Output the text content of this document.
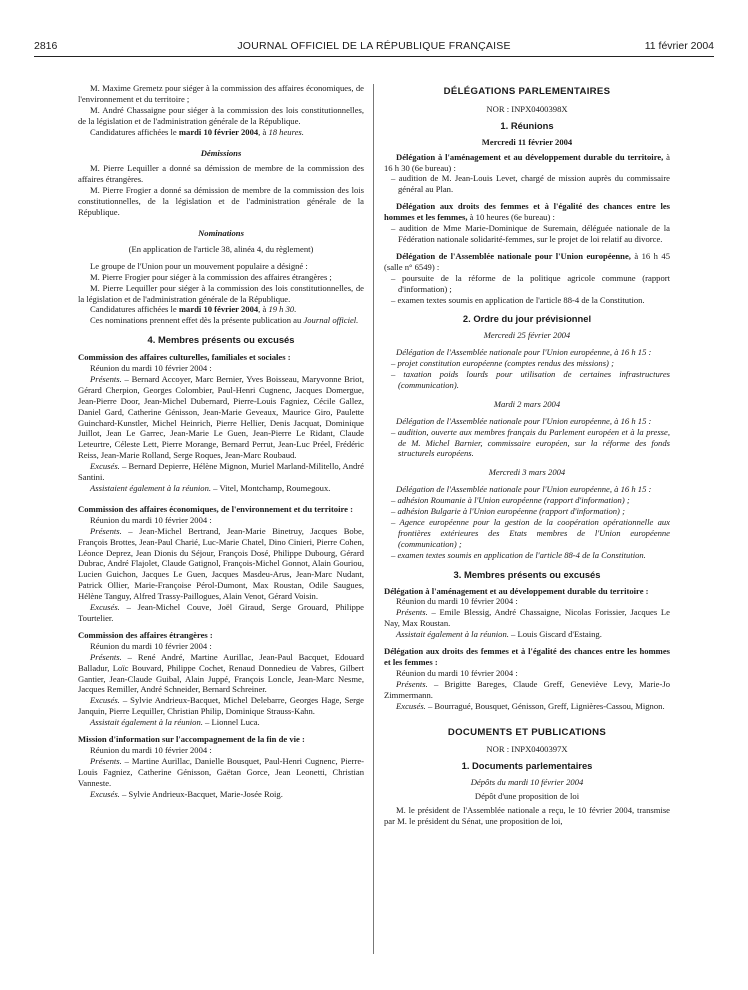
2816	JOURNAL OFFICIEL DE LA RÉPUBLIQUE FRANÇAISE	11 février 2004

M. Maxime Gremetz pour siéger à la commission des affaires économiques, de l'environnement et du territoire ;

M. André Chassaigne pour siéger à la commission des lois constitutionnelles, de la législation et de l'administration générale de la République.

Candidatures affichées le mardi 10 février 2004, à 18 heures.

Démissions

M. Pierre Lequiller a donné sa démission de membre de la commission des affaires étrangères.

M. Pierre Frogier a donné sa démission de membre de la commission des lois constitutionnelles, de la législation et de l'administration générale de la République.

Nominations

(En application de l'article 38, alinéa 4, du règlement)

Le groupe de l'Union pour un mouvement populaire a désigné :

M. Pierre Frogier pour siéger à la commission des affaires étrangères ;

M. Pierre Lequiller pour siéger à la commission des lois constitutionnelles, de la législation et de l'administration générale de la République.

Candidatures affichées le mardi 10 février 2004, à 19 h 30.

Ces nominations prennent effet dès la présente publication au Journal officiel.

4. Membres présents ou excusés

Commission des affaires culturelles, familiales et sociales :

Réunion du mardi 10 février 2004 :

Présents. – Bernard Accoyer, Marc Bernier, Yves Boisseau, Maryvonne Briot, Gérard Cherpion, Georges Colombier, Paul-Henri Cugnenc, Jacques Domergue, Jean-Pierre Door, Jean-Michel Dubernard, Pierre-Louis Fagniez, Cécile Gallez, Daniel Gard, Catherine Génisson, Jean-Marie Geveaux, Maurice Giro, Paulette Guinchard-Kunstler, Michel Heinrich, Pierre Hellier, Denis Jacquat, Dominique Juillot, Jean Le Garrec, Jean-Marie Le Guen, Jean-Pierre Le Ridant, Claude Leteurtre, Céleste Lett, Pierre Morange, Bernard Perrut, Jean-Luc Préel, Frédéric Reiss, Jean-Marie Rolland, Serge Roques, Jean-Marc Roubaud.

Excusés. – Bernard Depierre, Hélène Mignon, Muriel Marland-Militello, André Santini.

Assistaient également à la réunion. – Vitel, Montchamp, Roumegoux.

Commission des affaires économiques, de l'environnement et du territoire :

Réunion du mardi 10 février 2004 :

Présents. – Jean-Michel Bertrand, Jean-Marie Binetruy, Jacques Bobe, François Brottes, Jean-Paul Charié, Luc-Marie Chatel, Dino Cinieri, Pierre Cohen, Léonce Deprez, Jean Dionis du Séjour, François Dosé, Philippe Dubourg, Gérard Dubrac, André Flajolet, Claude Gatignol, François-Michel Gonnot, Alain Gouriou, Lucien Guichon, Jacques Le Guen, Jacques Masdeu-Arus, Jean-Marc Nudant, Patrick Ollier, Marie-Françoise Pérol-Dumont, Max Roustan, Odile Saugues, Hélène Tanguy, Alfred Trassy-Paillogues, Alain Venot, Gérard Voisin.

Excusés. – Jean-Michel Couve, Joël Giraud, Serge Grouard, Philippe Tourtelier.

Commission des affaires étrangères :

Réunion du mardi 10 février 2004 :

Présents. – René André, Martine Aurillac, Jean-Paul Bacquet, Edouard Balladur, Loïc Bouvard, Philippe Cochet, Renaud Donnedieu de Vabres, Gilbert Gantier, Jean-Claude Guibal, Alain Juppé, François Loncle, Jean-Marc Nesme, Jacques Remiller, André Schneider, Bernard Schreiner.

Excusés. – Sylvie Andrieux-Bacquet, Michel Delebarre, Georges Hage, Serge Janquin, Pierre Lequiller, Christian Philip, Dominique Strauss-Kahn.

Assistait également à la réunion. – Lionnel Luca.

Mission d'information sur l'accompagnement de la fin de vie :

Réunion du mardi 10 février 2004 :

Présents. – Martine Aurillac, Danielle Bousquet, Paul-Henri Cugnenc, Pierre-Louis Fagniez, Catherine Génisson, Gaëtan Gorce, Jean Leonetti, Christian Vanneste.

Excusés. – Sylvie Andrieux-Bacquet, Marie-Josée Roig.

DÉLÉGATIONS PARLEMENTAIRES

NOR : INPX0400398X

1. Réunions

Mercredi 11 février 2004

Délégation à l'aménagement et au développement durable du territoire, à 16 h 30 (6e bureau) :

– audition de M. Jean-Louis Levet, chargé de mission auprès du commissaire général au Plan.

Délégation aux droits des femmes et à l'égalité des chances entre les hommes et les femmes, à 10 heures (6e bureau) :

– audition de Mme Marie-Dominique de Suremain, déléguée nationale de la Fédération nationale solidarité-femmes, sur le projet de loi relatif au divorce.

Délégation de l'Assemblée nationale pour l'Union européenne, à 16 h 45 (salle n° 6549) :

– poursuite de la réforme de la politique agricole commune (rapport d'information) ;

– examen textes soumis en application de l'article 88-4 de la Constitution.

2. Ordre du jour prévisionnel

Mercredi 25 février 2004

Délégation de l'Assemblée nationale pour l'Union européenne, à 16 h 15 :

– projet constitution européenne (comptes rendus des missions) ;

– taxation poids lourds pour utilisation de certaines infrastructures (communication).

Mardi 2 mars 2004

Délégation de l'Assemblée nationale pour l'Union européenne, à 16 h 15 :

– audition, ouverte aux membres français du Parlement européen et à la presse, de M. Michel Barnier, commissaire européen, sur la réforme des fonds structurels européens.

Mercredi 3 mars 2004

Délégation de l'Assemblée nationale pour l'Union européenne, à 16 h 15 :

– adhésion Roumanie à l'Union européenne (rapport d'information) ;

– adhésion Bulgarie à l'Union européenne (rapport d'information) ;

– Agence européenne pour la gestion de la coopération opérationnelle aux frontières extérieures des Etats membres de l'Union européenne (communication) ;

– examen textes soumis en application de l'article 88-4 de la Constitution.

3. Membres présents ou excusés

Délégation à l'aménagement et au développement durable du territoire :

Réunion du mardi 10 février 2004 :

Présents. – Emile Blessig, André Chassaigne, Nicolas Forissier, Jacques Le Nay, Max Roustan.

Assistait également à la réunion. – Louis Giscard d'Estaing.

Délégation aux droits des femmes et à l'égalité des chances entre les hommes et les femmes :

Réunion du mardi 10 février 2004 :

Présents. – Brigitte Bareges, Claude Greff, Geneviève Levy, Marie-Jo Zimmermann.

Excusés. – Bourragué, Bousquet, Génisson, Greff, Lignières-Cassou, Mignon.

DOCUMENTS ET PUBLICATIONS

NOR : INPX0400397X

1. Documents parlementaires

Dépôts du mardi 10 février 2004

Dépôt d'une proposition de loi

M. le président de l'Assemblée nationale a reçu, le 10 février 2004, transmise par M. le président du Sénat, une proposition de loi,
